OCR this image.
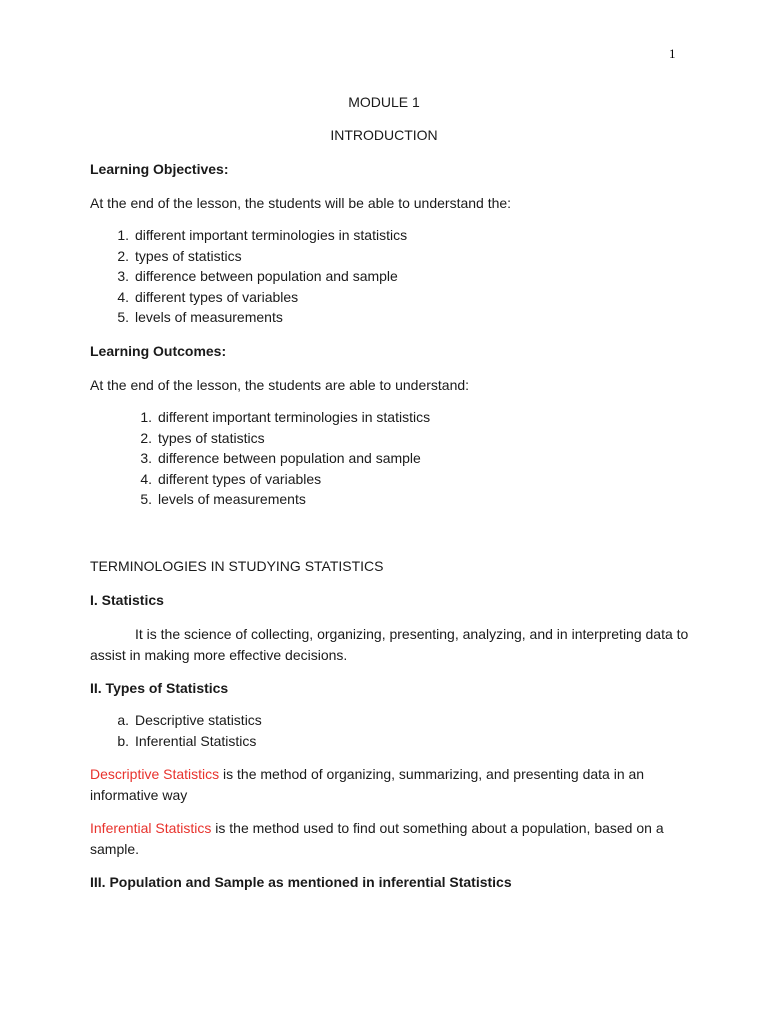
1
MODULE 1
INTRODUCTION
Learning Objectives:
At the end of the lesson, the students will be able to understand the:
1. different important terminologies in statistics
2. types of statistics
3. difference between population and sample
4. different types of variables
5. levels of measurements
Learning Outcomes:
At the end of the lesson, the students are able to understand:
1. different important terminologies in statistics
2. types of statistics
3. difference between population and sample
4. different types of variables
5. levels of measurements
TERMINOLOGIES IN STUDYING STATISTICS
I. Statistics
It is the science of collecting, organizing, presenting, analyzing, and in interpreting data to assist in making more effective decisions.
II. Types of Statistics
a. Descriptive statistics
b. Inferential Statistics
Descriptive Statistics is the method of organizing, summarizing, and presenting data in an informative way
Inferential Statistics is the method used to find out something about a population, based on a sample.
III. Population and Sample as mentioned in inferential Statistics
